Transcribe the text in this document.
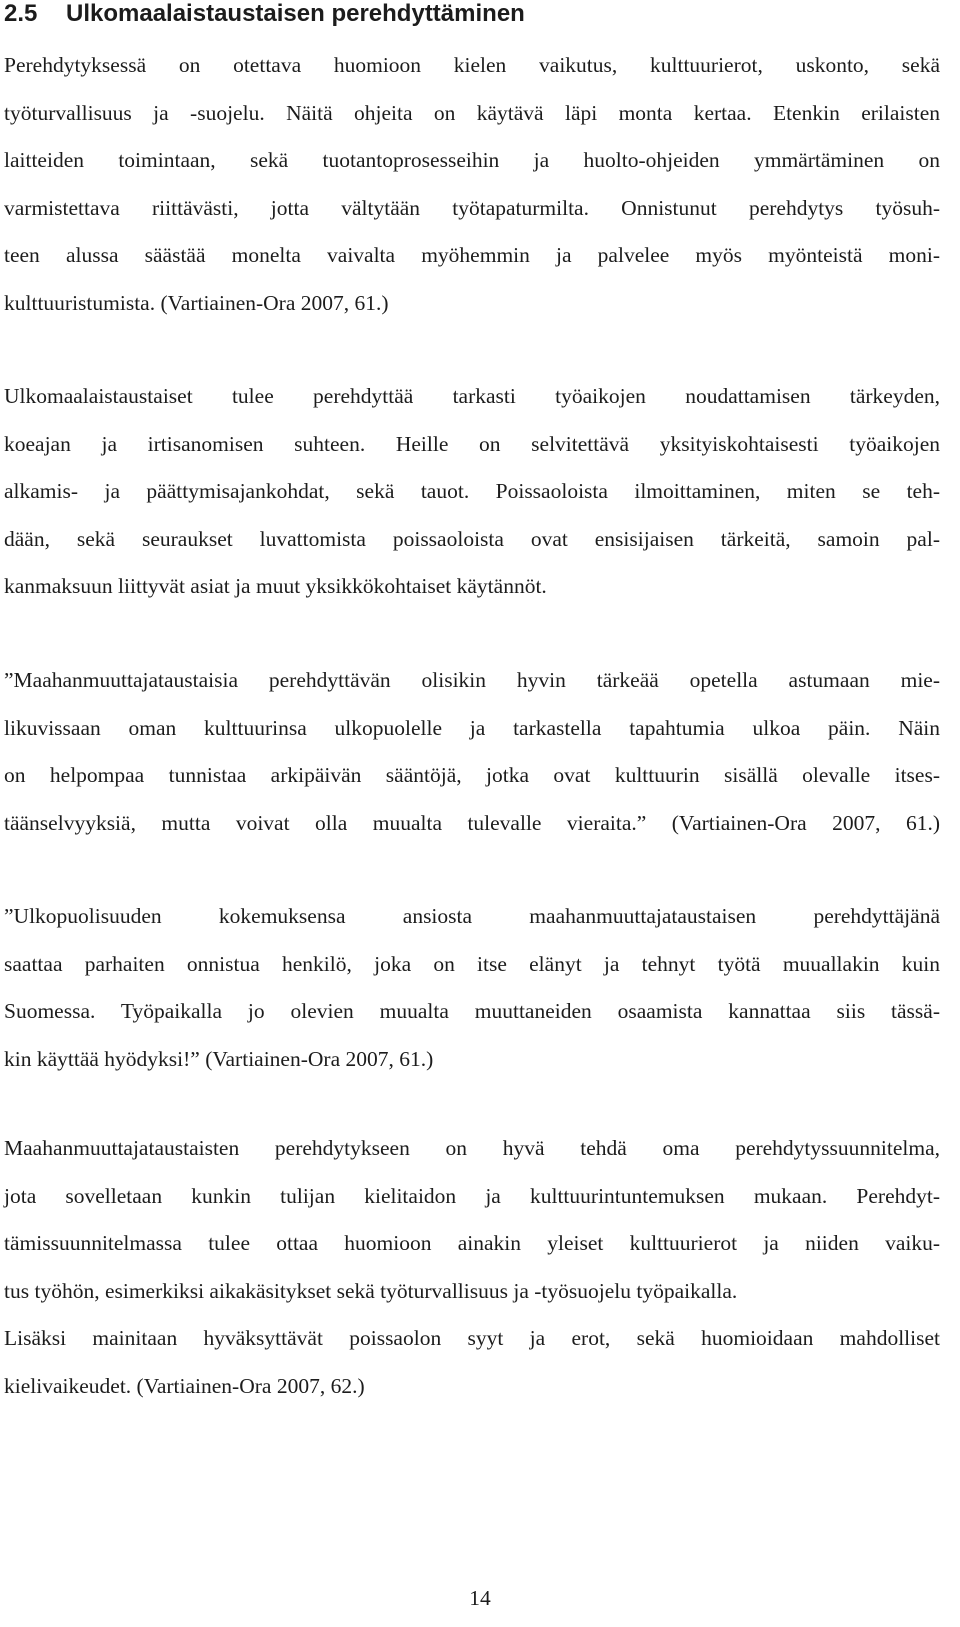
2.5 Ulkomaalaistaustaisen perehdyttäminen
Perehdytyksessä on otettava huomioon kielen vaikutus, kulttuurierot, uskonto, sekä
työturvallisuus ja -suojelu. Näitä ohjeita on käytävä läpi monta kertaa. Etenkin erilaisten
laitteiden toimintaan, sekä tuotantoprosesseihin ja huolto-ohjeiden ymmärtäminen on
varmistettava riittävästi, jotta vältytään työtapaturmilta. Onnistunut perehdytys työsuh-
teen alussa säästää monelta vaivalta myöhemmin ja palvelee myös myönteistä moni-
kulttuuristumista. (Vartiainen-Ora 2007, 61.)
Ulkomaalaistaustaiset tulee perehdyttää tarkasti työaikojen noudattamisen tärkeyden,
koeajan ja irtisanomisen suhteen. Heille on selvitettävä yksityiskohtaisesti työaikojen
alkamis- ja päättymisajankohdat, sekä tauot. Poissaoloista ilmoittaminen, miten se teh-
dään, sekä seuraukset luvattomista poissaoloista ovat ensisijaisen tärkeitä, samoin pal-
kanmaksuun liittyvät asiat ja muut yksikkökohtaiset käytännöt.
”Maahanmuuttajataustaisia perehdyttävän olisikin hyvin tärkeää opetella astumaan mie-
likuvissaan oman kulttuurinsa ulkopuolelle ja tarkastella tapahtumia ulkoa päin. Näin
on helpompaa tunnistaa arkipäivän sääntöjä, jotka ovat kulttuurin sisällä olevalle itses-
täänselvyyksiä, mutta voivat olla muualta tulevalle vieraita.” (Vartiainen-Ora 2007, 61.)
”Ulkopuolisuuden kokemuksensa ansiosta maahanmuuttajataustaisen perehdyttäjänä
saattaa parhaiten onnistua henkilö, joka on itse elänyt ja tehnyt työtä muuallakin kuin
Suomessa. Työpaikalla jo olevien muualta muuttaneiden osaamista kannattaa siis tässä-
kin käyttää hyödyksi!” (Vartiainen-Ora 2007, 61.)
Maahanmuuttajataustaisten perehdytykseen on hyvä tehdä oma perehdytyssuunnitelma,
jota sovelletaan kunkin tulijan kielitaidon ja kulttuurintuntemuksen mukaan. Perehdyt-
tämissuunnitelmassa tulee ottaa huomioon ainakin yleiset kulttuurierot ja niiden vaiku-
tus työhön, esimerkiksi aikakäsitykset sekä työturvallisuus ja -työsuojelu työpaikalla.
Lisäksi mainitaan hyväksyttävät poissaolon syyt ja erot, sekä huomioidaan mahdolliset
kielivaikeudet. (Vartiainen-Ora 2007, 62.)
14
